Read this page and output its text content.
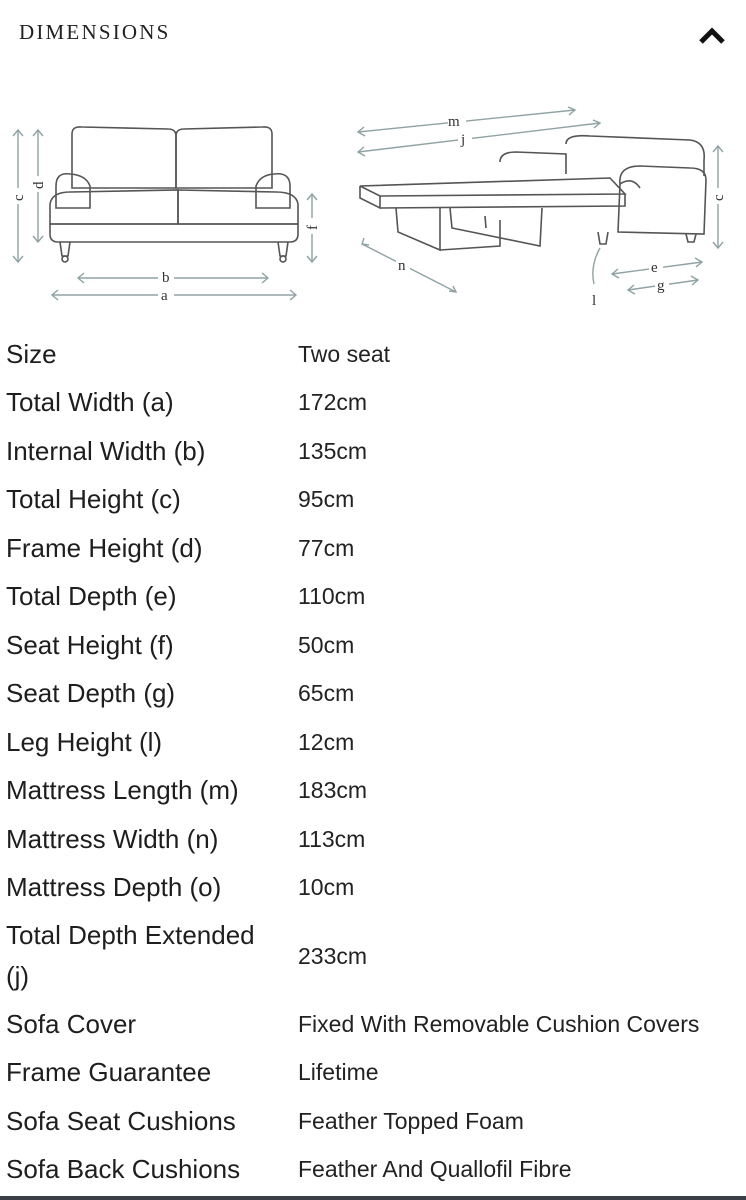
DIMENSIONS
c
d
f
b
a
m
j
n
c
e
g
l
Size	Two seat
Total Width (a)	172cm
Internal Width (b)	135cm
Total Height (c)	95cm
Frame Height (d)	77cm
Total Depth (e)	110cm
Seat Height (f)	50cm
Seat Depth (g)	65cm
Leg Height (l)	12cm
Mattress Length (m)	183cm
Mattress Width (n)	113cm
Mattress Depth (o)	10cm
Total Depth Extended (j)
233cm
Sofa Cover	Fixed With Removable Cushion Covers
Frame Guarantee	Lifetime
Sofa Seat Cushions	Feather Topped Foam
Sofa Back Cushions	Feather And Quallofil Fibre
